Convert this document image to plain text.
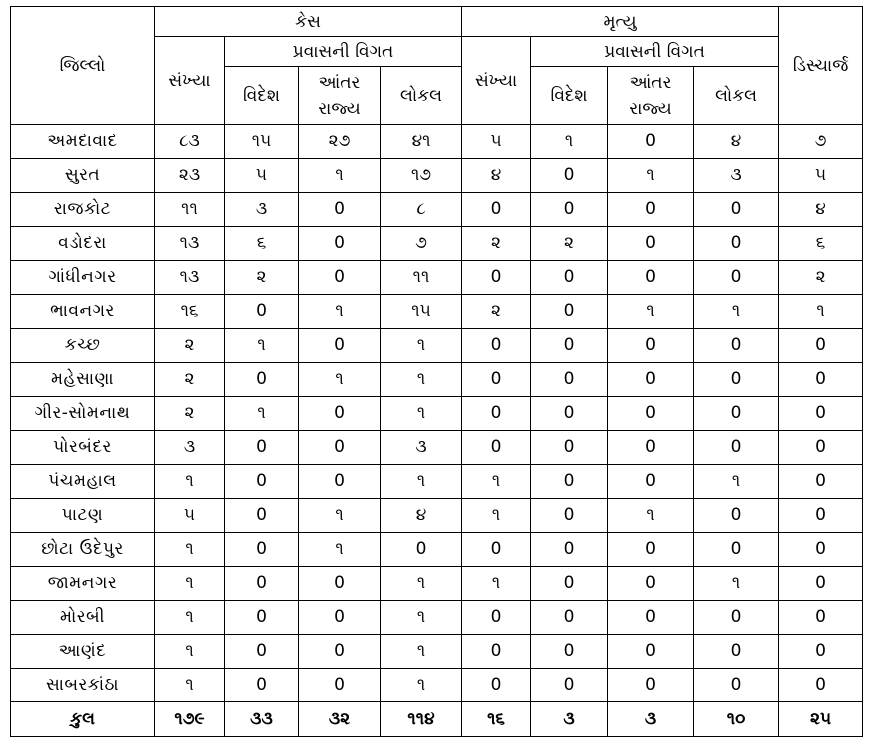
જિલ્લો	કેસ				મૃત્યુ				ડિસ્ચાર્જ
	સંખ્યા	પ્રવાસની વિગત			સંખ્યા	પ્રવાસની વિગત			
		વિદેશ	આંતર રાજ્ય	લોકલ		વિદેશ	આંતર રાજ્ય	લોકલ	
અમદાવાદ	૮૩	૧૫	૨૭	૪૧	૫	૧	0	૪	૭
સુરત	૨૩	૫	૧	૧૭	૪	0	૧	૩	૫
રાજકોટ	૧૧	૩	0	૮	0	0	0	0	૪
વડોદરા	૧૩	૬	0	૭	૨	૨	0	0	૬
ગાંધીનગર	૧૩	૨	0	૧૧	0	0	0	0	૨
ભાવનગર	૧૬	0	૧	૧૫	૨	0	૧	૧	૧
કચ્છ	૨	૧	0	૧	0	0	0	0	0
મહેસાણા	૨	0	૧	૧	0	0	0	0	0
ગીર-સોમનાથ	૨	૧	0	૧	0	0	0	0	0
પોરબંદર	૩	0	0	૩	0	0	0	0	0
પંચમહાલ	૧	0	0	૧	૧	0	0	૧	0
પાટણ	૫	0	૧	૪	૧	0	૧	0	0
છોટા ઉદેપુર	૧	0	૧	0	0	0	0	0	0
જામનગર	૧	0	0	૧	૧	0	0	૧	0
મોરબી	૧	0	0	૧	0	0	0	0	0
આણંદ	૧	0	0	૧	0	0	0	0	0
સાબરકાંઠા	૧	0	0	૧	0	0	0	0	0
કુલ	૧૭૯	૩૩	૩૨	૧૧૪	૧૬	૩	૩	૧૦	૨૫
